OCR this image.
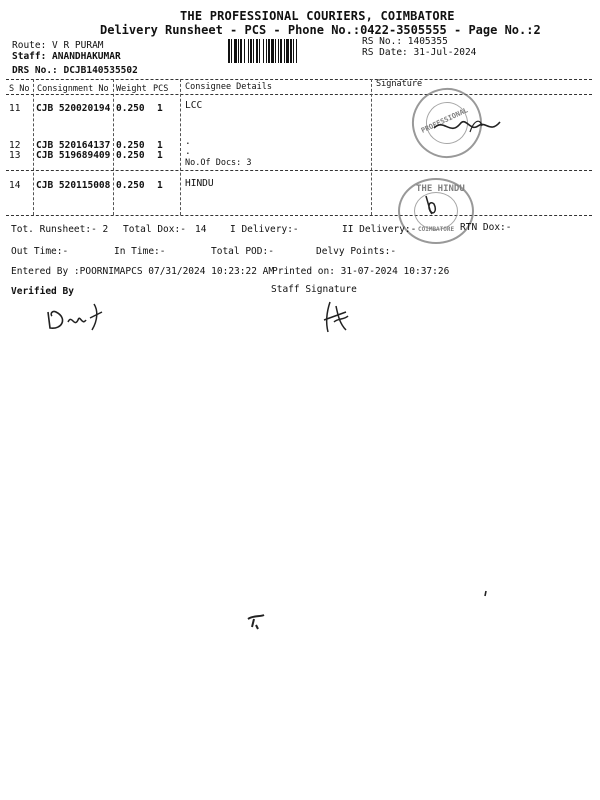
THE PROFESSIONAL COURIERS, COIMBATORE
Delivery Runsheet - PCS - Phone No.:0422-3505555 - Page No.:2
Route: V R PURAM
Staff: ANANDHAKUMAR
DRS No.: DCJB140535502
RS No.: 1405355
RS Date: 31-Jul-2024
S No Consignment No Weight PCS Consignee Details	Signature
11 CJB 520020194 0.250 1 LCC
12 CJB 520164137 0.250 1 .
13 CJB 519689409 0.250 1 .
No.Of Docs: 3
14 CJB 520115008 0.250 1 HINDU
PROFESSIONAL
THE HINDU
COIMBATORE
Tot. Runsheet:- 2 Total Dox:- 14 I Delivery:-	II Delivery:-	RTN Dox:-
Out Time:-	In Time:-	Total POD:-	Delvy Points:-
Entered By :POORNIMAPCS 07/31/2024 10:23:22 AM
Printed on: 31-07-2024 10:37:26
Verified By	Staff Signature
